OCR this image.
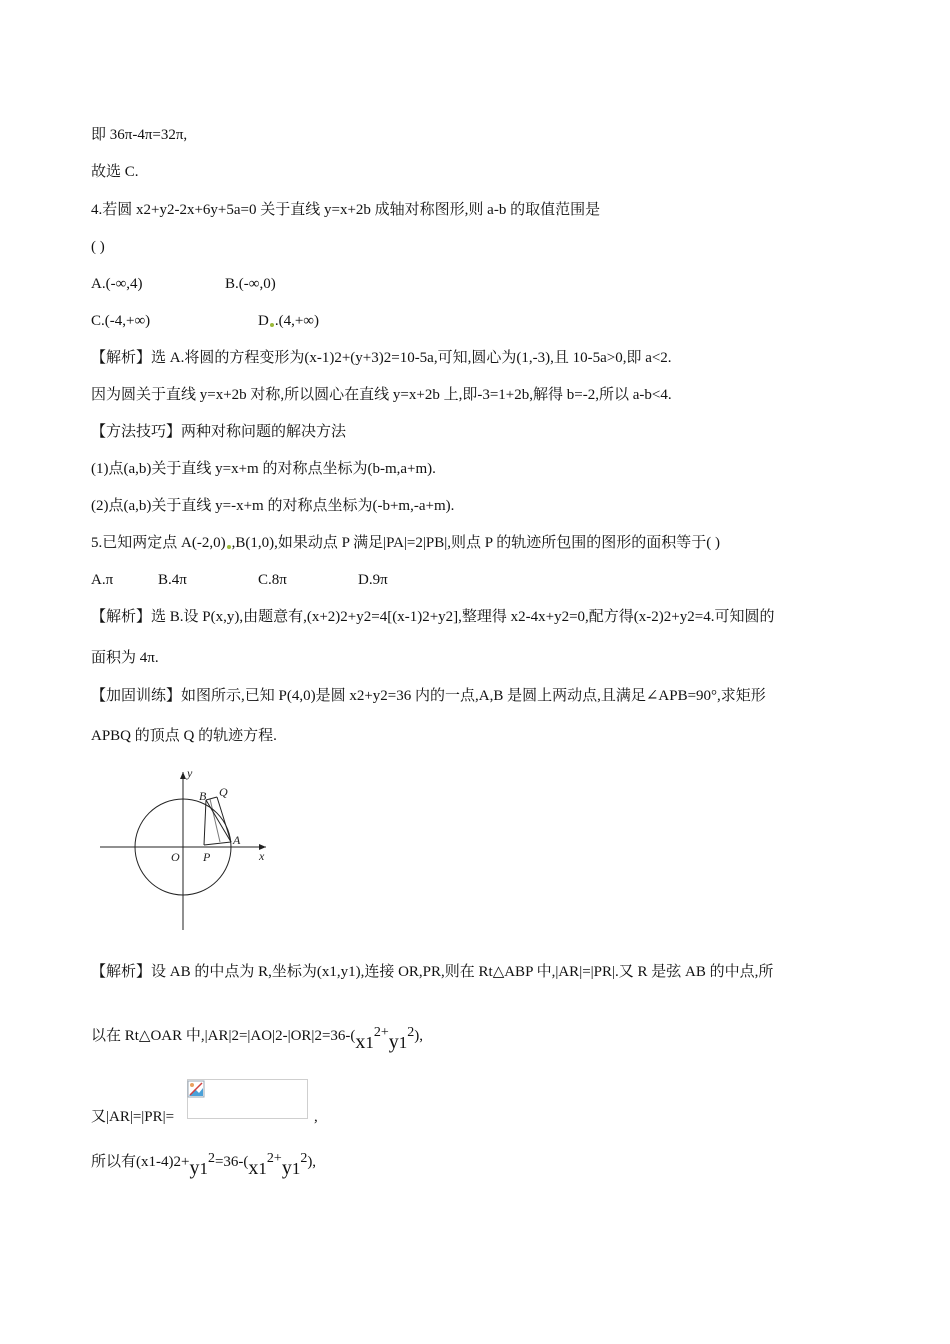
即 36π-4π=32π,
故选 C.
4.若圆 x2+y2-2x+6y+5a=0 关于直线 y=x+2b 成轴对称图形,则 a-b 的取值范围是
( )
A.(-∞,4)	B.(-∞,0)
C.(-4,+∞)	D .(4,+∞)
【解析】选 A.将圆的方程变形为(x-1)2+(y+3)2=10-5a,可知,圆心为(1,-3),且 10-5a>0,即 a<2.
因为圆关于直线 y=x+2b 对称,所以圆心在直线 y=x+2b 上,即-3=1+2b,解得 b=-2,所以 a-b<4.
【方法技巧】两种对称问题的解决方法
(1)点(a,b)关于直线 y=x+m 的对称点坐标为(b-m,a+m).
(2)点(a,b)关于直线 y=-x+m 的对称点坐标为(-b+m,-a+m).
5.已知两定点 A(-2,0) ,B(1,0),如果动点 P 满足|PA|=2|PB|,则点 P 的轨迹所包围的图形的面积等于( )
A.π	B.4π	C.8π	D.9π
【解析】选 B.设 P(x,y),由题意有,(x+2)2+y2=4[(x-1)2+y2],整理得 x2-4x+y2=0,配方得(x-2)2+y2=4.可知圆的
面积为 4π.
【加固训练】如图所示,已知 P(4,0)是圆 x2+y2=36 内的一点,A,B 是圆上两动点,且满足∠APB=90°,求矩形
APBQ 的顶点 Q 的轨迹方程.
y
x
O P
A
B Q
【解析】设 AB 的中点为 R,坐标为(x1,y1),连接 OR,PR,则在 Rt△ABP 中,|AR|=|PR|.又 R 是弦 AB 的中点,所
以在 Rt△OAR 中,|AR|2=|AO|2-|OR|2=36-(x12+y12),
又|AR|=|PR|=	,
所以有(x1-4)2+y12=36-(x12+y12),
